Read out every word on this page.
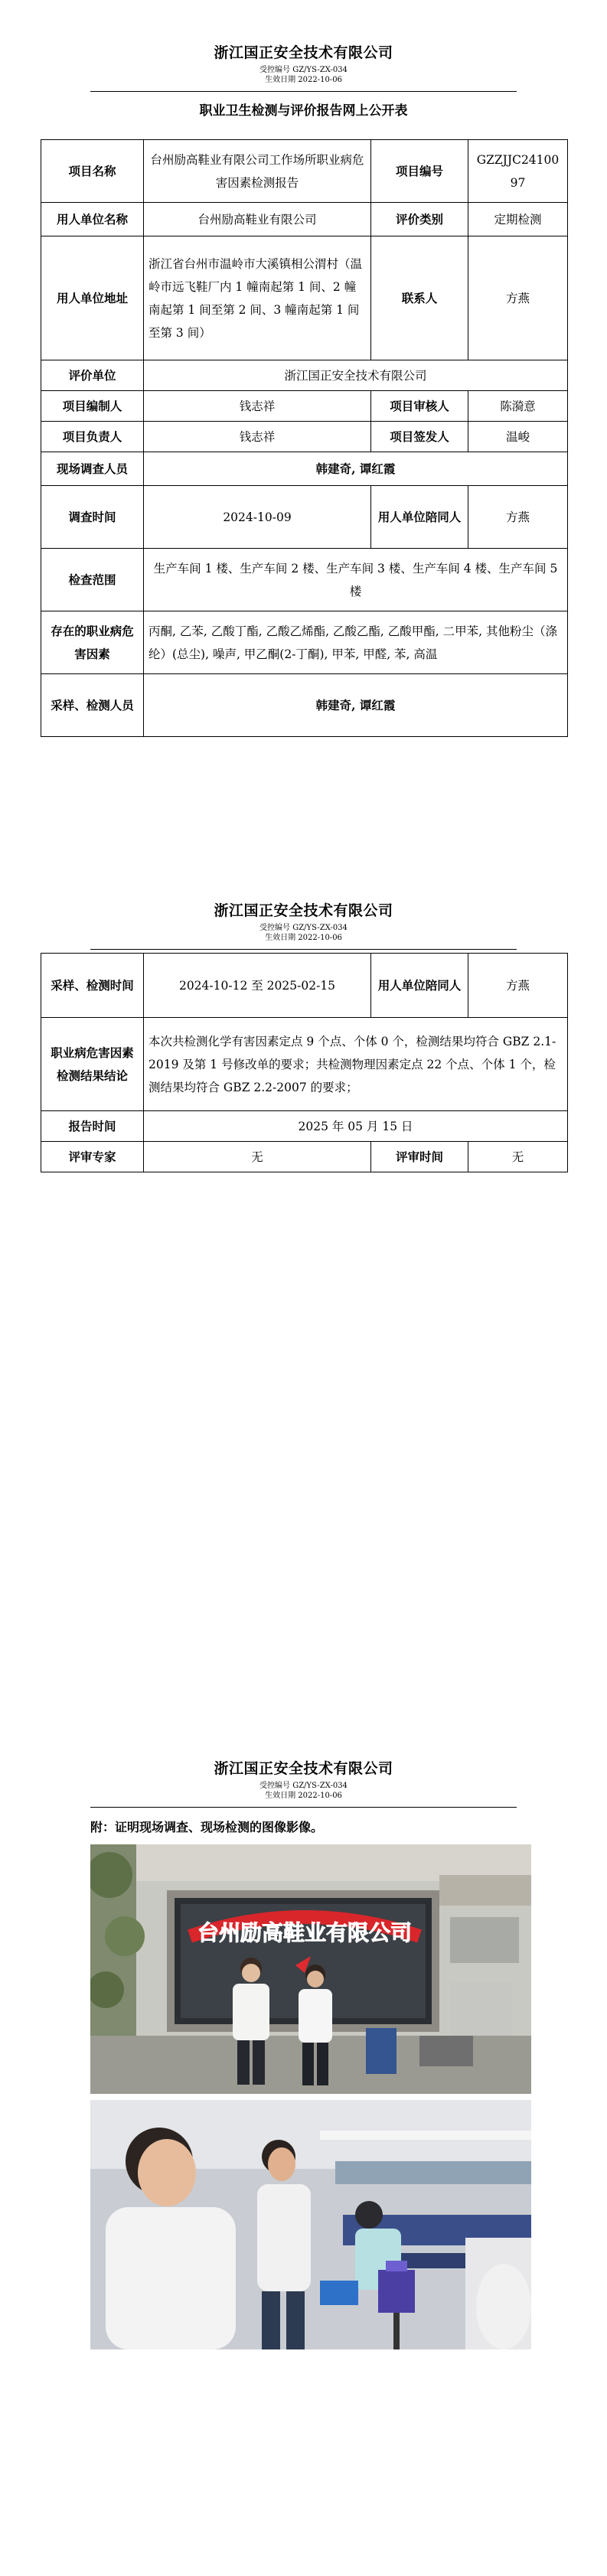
浙江国正安全技术有限公司
受控编号 GZ/YS-ZX-034
生效日期 2022-10-06
职业卫生检测与评价报告网上公开表
项目名称	台州励高鞋业有限公司工作场所职业病危害因素检测报告	项目编号	GZZJJC2410097
用人单位名称	台州励高鞋业有限公司	评价类别	定期检测
用人单位地址	浙江省台州市温岭市大溪镇相公渭村（温岭市远飞鞋厂内 1 幢南起第 1 间、2 幢南起第 1 间至第 2 间、3 幢南起第 1 间至第 3 间）	联系人	方燕
评价单位	浙江国正安全技术有限公司		
项目编制人	钱志祥	项目审核人	陈漪意
项目负责人	钱志祥	项目签发人	温峻
现场调查人员	韩建奇, 谭红霞		
调查时间	2024-10-09	用人单位陪同人	方燕
检查范围	生产车间 1 楼、生产车间 2 楼、生产车间 3 楼、生产车间 4 楼、生产车间 5 楼		
存在的职业病危害因素	丙酮, 乙苯, 乙酸丁酯, 乙酸乙烯酯, 乙酸乙酯, 乙酸甲酯, 二甲苯, 其他粉尘（涤纶）(总尘), 噪声, 甲乙酮(2-丁酮), 甲苯, 甲醛, 苯, 高温		
采样、检测人员	韩建奇, 谭红霞		
浙江国正安全技术有限公司
受控编号 GZ/YS-ZX-034
生效日期 2022-10-06
采样、检测时间	2024-10-12 至 2025-02-15	用人单位陪同人	方燕
职业病危害因素检测结果结论	本次共检测化学有害因素定点 9 个点、个体 0 个，检测结果均符合 GBZ 2.1-2019 及第 1 号修改单的要求；共检测物理因素定点 22 个点、个体 1 个，检测结果均符合 GBZ 2.2-2007 的要求；		
报告时间	2025 年 05 月 15 日		
评审专家	无	评审时间	无
浙江国正安全技术有限公司
受控编号 GZ/YS-ZX-034
生效日期 2022-10-06
附：证明现场调查、现场检测的图像影像。
台州励高鞋业有限公司
